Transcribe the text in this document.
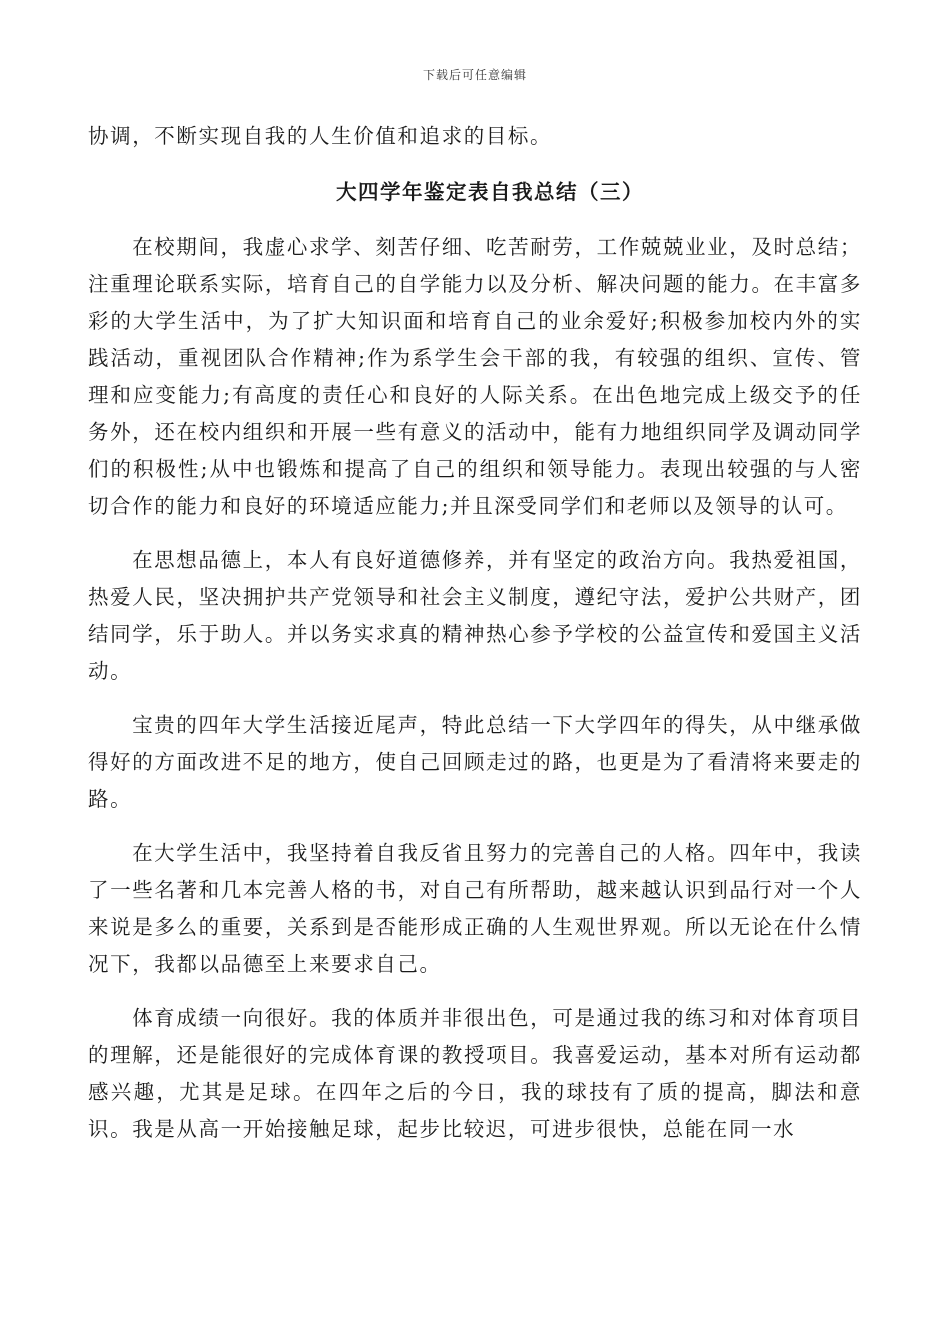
下载后可任意编辑

协调，不断实现自我的人生价值和追求的目标。

大四学年鉴定表自我总结（三）

在校期间，我虚心求学、刻苦仔细、吃苦耐劳，工作兢兢业业，及时总结；注重理论联系实际，培育自己的自学能力以及分析、解决问题的能力。在丰富多彩的大学生活中，为了扩大知识面和培育自己的业余爱好;积极参加校内外的实践活动，重视团队合作精神;作为系学生会干部的我，有较强的组织、宣传、管理和应变能力;有高度的责任心和良好的人际关系。在出色地完成上级交予的任务外，还在校内组织和开展一些有意义的活动中，能有力地组织同学及调动同学们的积极性;从中也锻炼和提高了自己的组织和领导能力。表现出较强的与人密切合作的能力和良好的环境适应能力;并且深受同学们和老师以及领导的认可。

在思想品德上，本人有良好道德修养，并有坚定的政治方向。我热爱祖国，热爱人民，坚决拥护共产党领导和社会主义制度，遵纪守法，爱护公共财产，团结同学，乐于助人。并以务实求真的精神热心参予学校的公益宣传和爱国主义活动。

宝贵的四年大学生活接近尾声，特此总结一下大学四年的得失，从中继承做得好的方面改进不足的地方，使自己回顾走过的路，也更是为了看清将来要走的路。

在大学生活中，我坚持着自我反省且努力的完善自己的人格。四年中，我读了一些名著和几本完善人格的书，对自己有所帮助，越来越认识到品行对一个人来说是多么的重要，关系到是否能形成正确的人生观世界观。所以无论在什么情况下，我都以品德至上来要求自己。

体育成绩一向很好。我的体质并非很出色，可是通过我的练习和对体育项目的理解，还是能很好的完成体育课的教授项目。我喜爱运动，基本对所有运动都感兴趣，尤其是足球。在四年之后的今日，我的球技有了质的提高，脚法和意识。我是从高一开始接触足球，起步比较迟，可进步很快，总能在同一水
